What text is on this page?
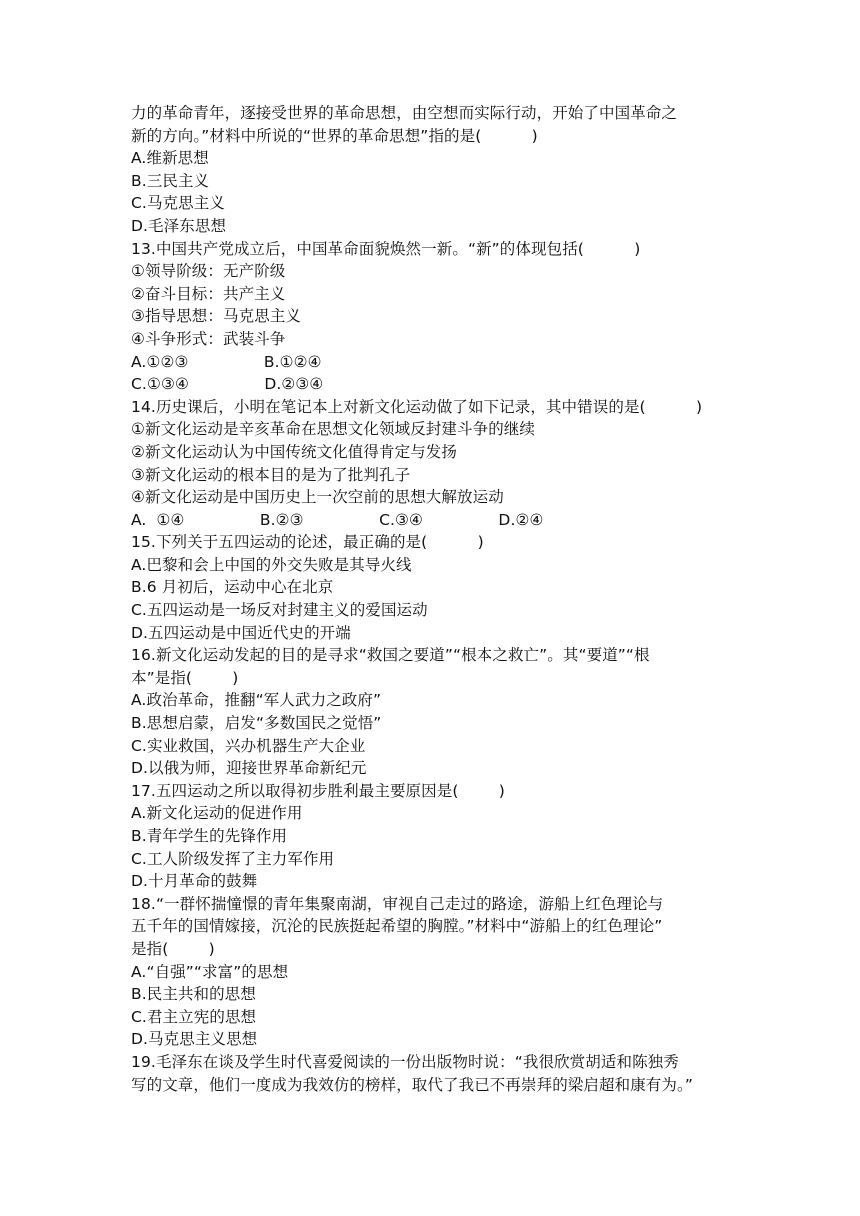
力的革命青年，逐接受世界的革命思想，由空想而实际行动，开始了中国革命之
新的方向。”材料中所说的“世界的革命思想”指的是(          )
A.维新思想
B.三民主义
C.马克思主义
D.毛泽东思想
13.中国共产党成立后，中国革命面貌焕然一新。“新”的体现包括(          )
①领导阶级：无产阶级
②奋斗目标：共产主义
③指导思想：马克思主义
④斗争形式：武装斗争
A.①②③               B.①②④
C.①③④               D.②③④
14.历史课后，小明在笔记本上对新文化运动做了如下记录，其中错误的是(          )
①新文化运动是辛亥革命在思想文化领域反封建斗争的继续
②新文化运动认为中国传统文化值得肯定与发扬
③新文化运动的根本目的是为了批判孔子
④新文化运动是中国历史上一次空前的思想大解放运动
A.  ①④               B.②③               C.③④               D.②④
15.下列关于五四运动的论述，最正确的是(          )
A.巴黎和会上中国的外交失败是其导火线
B.6 月初后，运动中心在北京
C.五四运动是一场反对封建主义的爱国运动
D.五四运动是中国近代史的开端
16.新文化运动发起的目的是寻求“救国之要道”“根本之救亡”。其“要道”“根
本”是指(        )
A.政治革命，推翻“军人武力之政府”
B.思想启蒙，启发“多数国民之觉悟”
C.实业救国，兴办机器生产大企业
D.以俄为师，迎接世界革命新纪元
17.五四运动之所以取得初步胜利最主要原因是(        )
A.新文化运动的促进作用
B.青年学生的先锋作用
C.工人阶级发挥了主力军作用
D.十月革命的鼓舞
18.“一群怀揣憧憬的青年集聚南湖，审视自己走过的路途，游船上红色理论与
五千年的国情嫁接，沉沦的民族挺起希望的胸膛。”材料中“游船上的红色理论”
是指(        )
A.“自强”“求富”的思想
B.民主共和的思想
C.君主立宪的思想
D.马克思主义思想
19.毛泽东在谈及学生时代喜爱阅读的一份出版物时说：“我很欣赏胡适和陈独秀
写的文章，他们一度成为我效仿的榜样，取代了我已不再崇拜的梁启超和康有为。”
